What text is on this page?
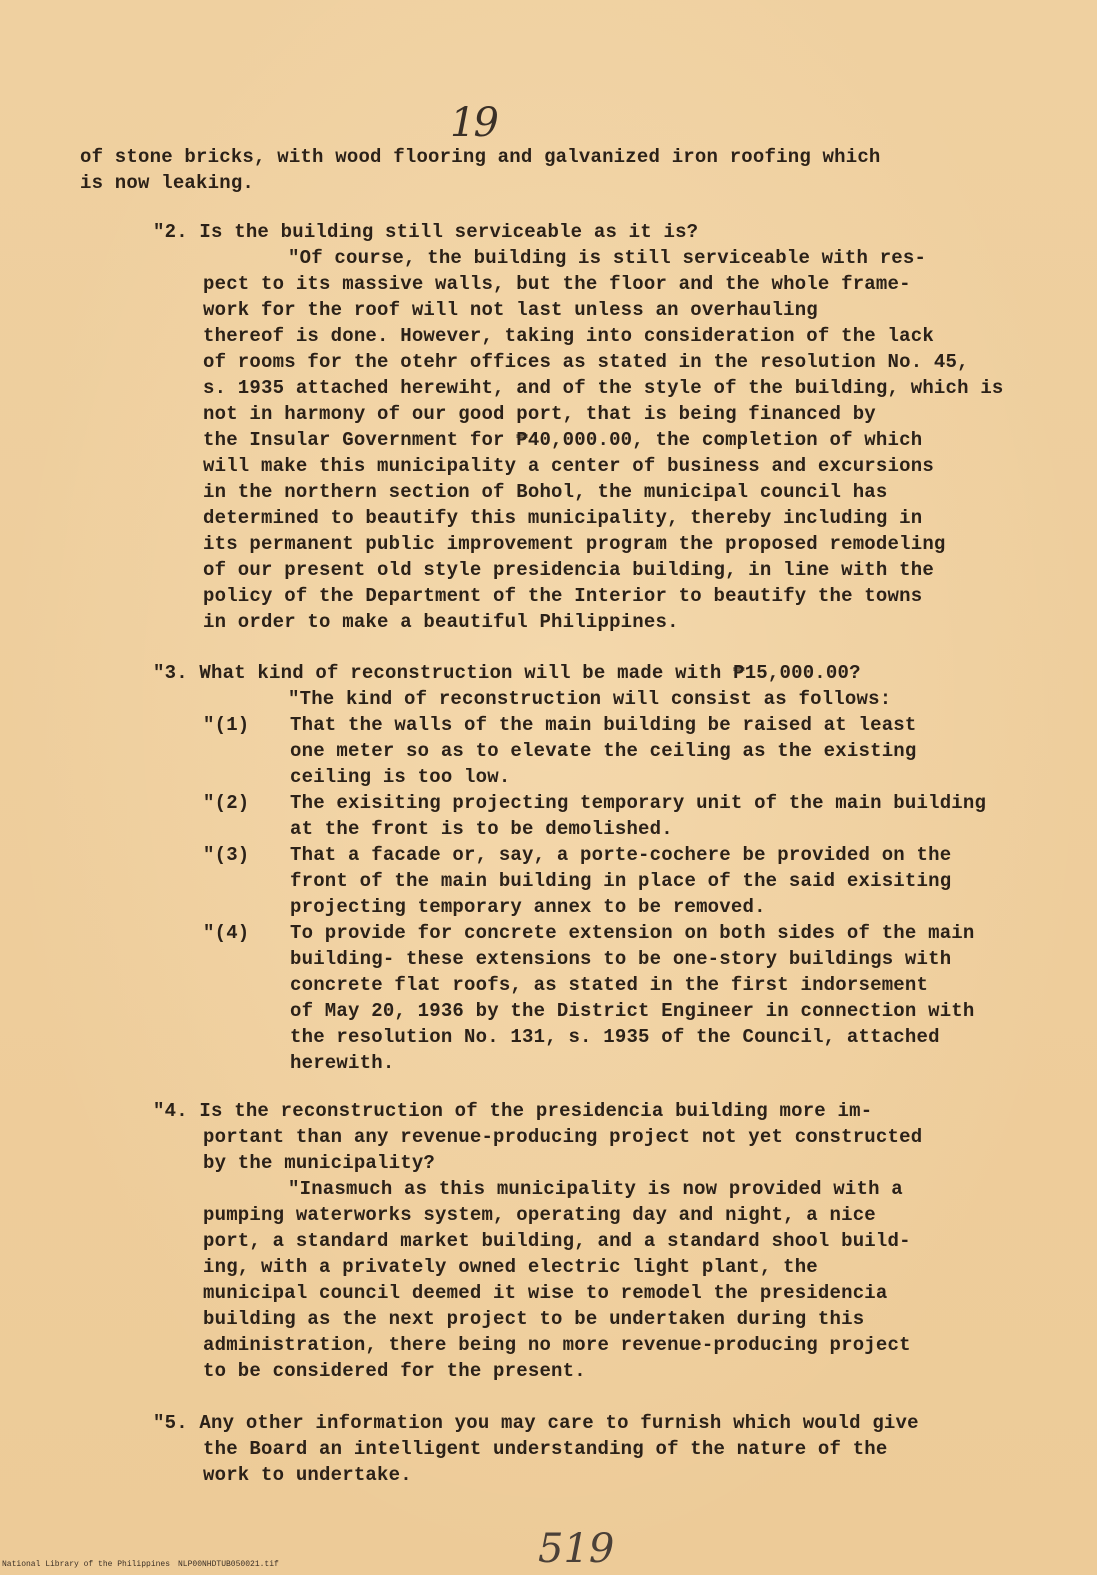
19
of stone bricks, with wood flooring and galvanized iron roofing which
is now leaking.
"2. Is the building still serviceable as it is?
"Of course, the building is still serviceable with res-
pect to its massive walls, but the floor and the whole frame-
work for the roof will not last unless an overhauling
thereof is done. However, taking into consideration of the lack
of rooms for the otehr offices as stated in the resolution No. 45,
s. 1935 attached herewiht, and of the style of the building, which is
not in harmony of our good port, that is being financed by
the Insular Government for ₱40,000.00, the completion of which
will make this municipality a center of business and excursions
in the northern section of Bohol, the municipal council has
determined to beautify this municipality, thereby including in
its permanent public improvement program the proposed remodeling
of our present old style presidencia building, in line with the
policy of the Department of the Interior to beautify the towns
in order to make a beautiful Philippines.
"3. What kind of reconstruction will be made with ₱15,000.00?
"The kind of reconstruction will consist as follows:
"(1) That the walls of the main building be raised at least
one meter so as to elevate the ceiling as the existing
ceiling is too low.
"(2) The exisiting projecting temporary unit of the main building
at the front is to be demolished.
"(3) That a facade or, say, a porte-cochere be provided on the
front of the main building in place of the said exisiting
projecting temporary annex to be removed.
"(4) To provide for concrete extension on both sides of the main
building- these extensions to be one-story buildings with
concrete flat roofs, as stated in the first indorsement
of May 20, 1936 by the District Engineer in connection with
the resolution No. 131, s. 1935 of the Council, attached
herewith.
"4. Is the reconstruction of the presidencia building more im-
portant than any revenue-producing project not yet constructed
by the municipality?
"Inasmuch as this municipality is now provided with a
pumping waterworks system, operating day and night, a nice
port, a standard market building, and a standard shool build-
ing, with a privately owned electric light plant, the
municipal council deemed it wise to remodel the presidencia
building as the next project to be undertaken during this
administration, there being no more revenue-producing project
to be considered for the present.
"5. Any other information you may care to furnish which would give
the Board an intelligent understanding of the nature of the
work to undertake.
519
National Library of the Philippines NLP00NHDTUB050021.tif
